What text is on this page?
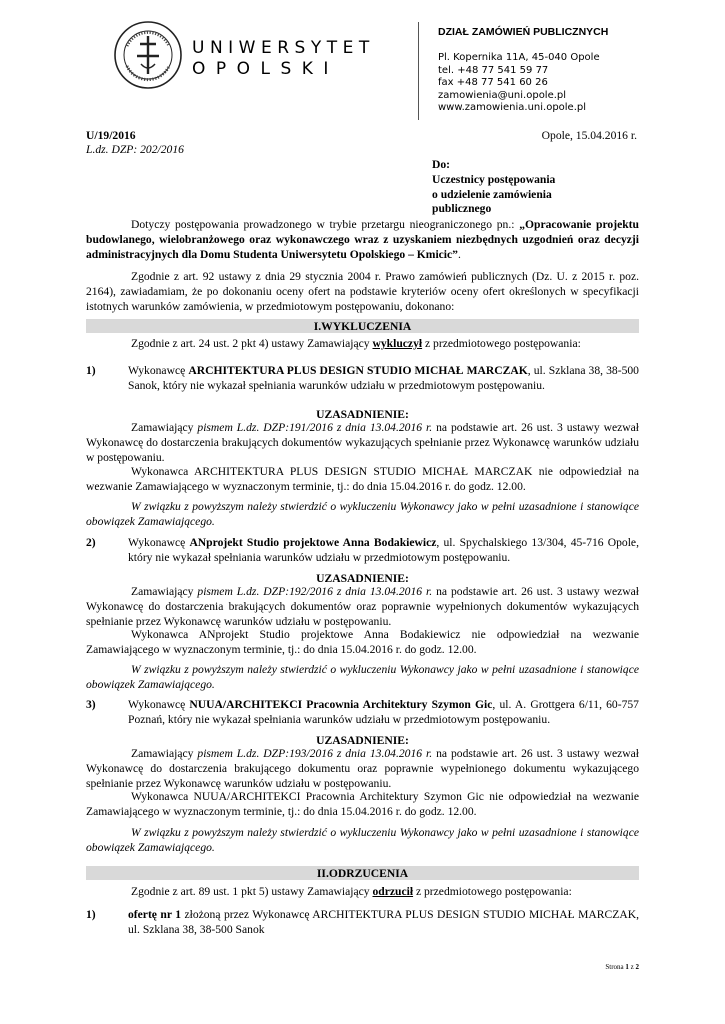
UNIWERSYTET
OPOLSKI
DZIAŁ ZAMÓWIEŃ PUBLICZNYCH
Pl. Kopernika 11A, 45-040 Opole
tel. +48 77 541 59 77
fax +48 77 541 60 26
zamowienia@uni.opole.pl
www.zamowienia.uni.opole.pl
U/19/2016
L.dz. DZP: 202/2016
Opole, 15.04.2016 r.
Do:
Uczestnicy postępowania
o udzielenie zamówienia
publicznego
Dotyczy postępowania prowadzonego w trybie przetargu nieograniczonego pn.: „Opracowanie projektu budowlanego, wielobranżowego oraz wykonawczego wraz z uzyskaniem niezbędnych uzgodnień oraz decyzji administracyjnych dla Domu Studenta Uniwersytetu Opolskiego – Kmicic”.
Zgodnie z art. 92 ustawy z dnia 29 stycznia 2004 r. Prawo zamówień publicznych (Dz. U. z 2015 r. poz. 2164), zawiadamiam, że po dokonaniu oceny ofert na podstawie kryteriów oceny ofert określonych w specyfikacji istotnych warunków zamówienia, w przedmiotowym postępowaniu, dokonano:
I.WYKLUCZENIA
Zgodnie z art. 24 ust. 2 pkt 4) ustawy Zamawiający wykluczył z przedmiotowego postępowania:
1)	Wykonawcę ARCHITEKTURA PLUS DESIGN STUDIO MICHAŁ MARCZAK, ul. Szklana 38, 38-500 Sanok, który nie wykazał spełniania warunków udziału w przedmiotowym postępowaniu.
UZASADNIENIE:
Zamawiający pismem L.dz. DZP:191/2016 z dnia 13.04.2016 r. na podstawie art. 26 ust. 3 ustawy wezwał Wykonawcę do dostarczenia brakujących dokumentów wykazujących spełnianie przez Wykonawcę warunków udziału w postępowaniu.
Wykonawca ARCHITEKTURA PLUS DESIGN STUDIO MICHAŁ MARCZAK nie odpowiedział na wezwanie Zamawiającego w wyznaczonym terminie, tj.: do dnia 15.04.2016 r. do godz. 12.00.
W związku z powyższym należy stwierdzić o wykluczeniu Wykonawcy jako w pełni uzasadnione i stanowiące obowiązek Zamawiającego.
2)	Wykonawcę ANprojekt Studio projektowe Anna Bodakiewicz, ul. Spychalskiego 13/304, 45-716 Opole, który nie wykazał spełniania warunków udziału w przedmiotowym postępowaniu.
UZASADNIENIE:
Zamawiający pismem L.dz. DZP:192/2016 z dnia 13.04.2016 r. na podstawie art. 26 ust. 3 ustawy wezwał Wykonawcę do dostarczenia brakujących dokumentów oraz poprawnie wypełnionych dokumentów wykazujących spełnianie przez Wykonawcę warunków udziału w postępowaniu.
Wykonawca ANprojekt Studio projektowe Anna Bodakiewicz nie odpowiedział na wezwanie Zamawiającego w wyznaczonym terminie, tj.: do dnia 15.04.2016 r. do godz. 12.00.
W związku z powyższym należy stwierdzić o wykluczeniu Wykonawcy jako w pełni uzasadnione i stanowiące obowiązek Zamawiającego.
3)	Wykonawcę NUUA/ARCHITEKCI Pracownia Architektury Szymon Gic, ul. A. Grottgera 6/11, 60-757 Poznań, który nie wykazał spełniania warunków udziału w przedmiotowym postępowaniu.
UZASADNIENIE:
Zamawiający pismem L.dz. DZP:193/2016 z dnia 13.04.2016 r. na podstawie art. 26 ust. 3 ustawy wezwał Wykonawcę do dostarczenia brakującego dokumentu oraz poprawnie wypełnionego dokumentu wykazującego spełnianie przez Wykonawcę warunków udziału w postępowaniu.
Wykonawca NUUA/ARCHITEKCI Pracownia Architektury Szymon Gic nie odpowiedział na wezwanie Zamawiającego w wyznaczonym terminie, tj.: do dnia 15.04.2016 r. do godz. 12.00.
W związku z powyższym należy stwierdzić o wykluczeniu Wykonawcy jako w pełni uzasadnione i stanowiące obowiązek Zamawiającego.
II.ODRZUCENIA
Zgodnie z art. 89 ust. 1 pkt 5) ustawy Zamawiający odrzucił z przedmiotowego postępowania:
1)	ofertę nr 1 złożoną przez Wykonawcę ARCHITEKTURA PLUS DESIGN STUDIO MICHAŁ MARCZAK, ul. Szklana 38, 38-500 Sanok
Strona 1 z 2
